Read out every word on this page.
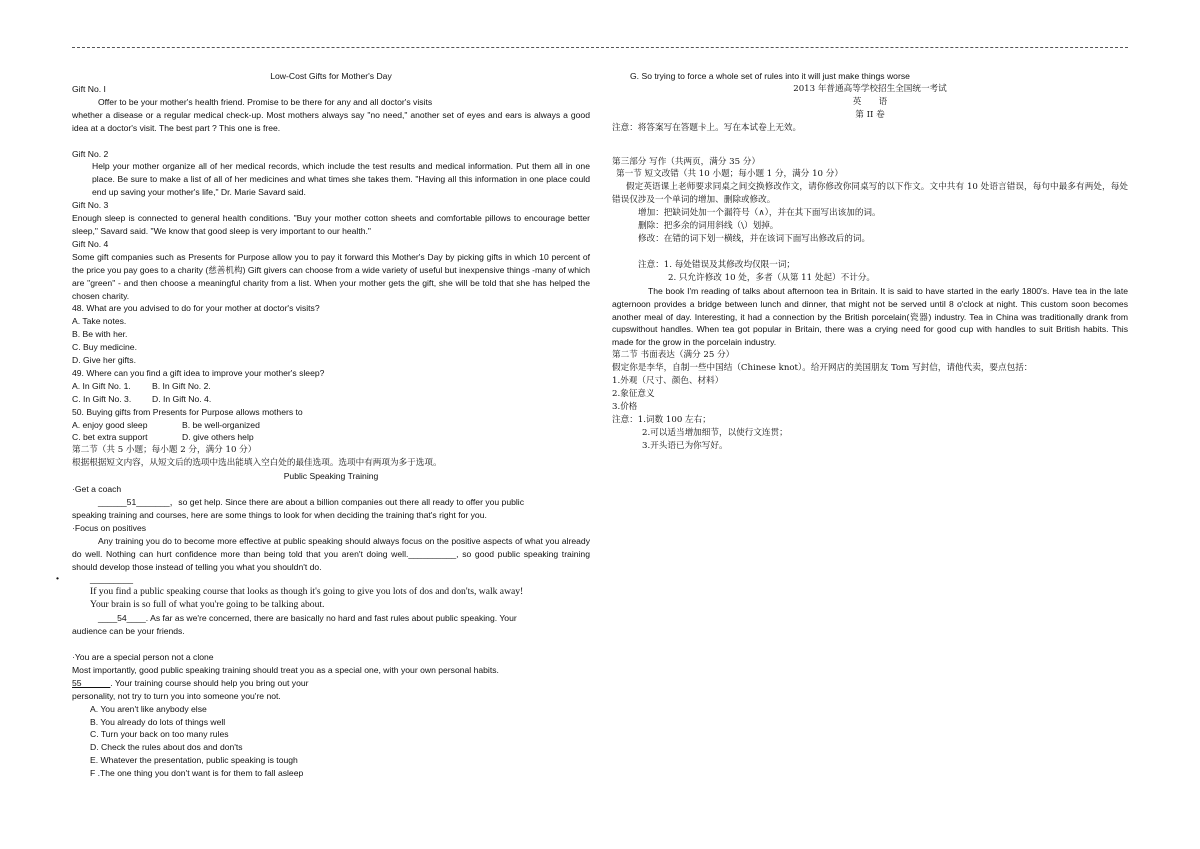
Low-Cost Gifts for Mother's Day

Gift No. I

Offer to be your mother's health friend. Promise to be there for any and all doctor's visits

whether a disease or a regular medical check-up. Most mothers always say "no need," another set of eyes and ears is always a good idea at a doctor's visit. The best part ? This one is free.

Gift No. 2

Help your mother organize all of her medical records, which include the test results and medical information. Put them all in one place. Be sure to make a list of all of her medicines and what times she takes them. "Having all this information in one place could end up saving your mother's life," Dr. Marie Savard said.

Gift No. 3

Enough sleep is connected to general health conditions. "Buy your mother cotton sheets and comfortable pillows to encourage better sleep," Savard said. "We know that good sleep is very important to our health."

Gift No. 4

Some gift companies such as Presents for Purpose allow you to pay it forward this Mother's Day by picking gifts in which 10 percent of the price you pay goes to a charity (慈善机构) Gift givers can choose from a wide variety of useful but inexpensive things -many of which are "green" - and then choose a meaningful charity from a list. When your mother gets the gift, she will be told that she has helped the chosen charity.

48. What are you advised to do for your mother at doctor's visits?

A. Take notes.

B. Be with her.

C. Buy medicine.

D. Give her gifts.

49. Where can you find a gift idea to improve your mother's sleep?

A. In Gift No. 1. B. In Gift No. 2.

C. In Gift No. 3. D. In Gift No. 4.

50. Buying gifts from Presents for Purpose allows mothers to

A. enjoy good sleep	B. be well-organized

C. bet extra support	D. give others help

第二节（共 5 小题；每小题 2 分，满分 10 分）

根据根据短文内容，从短文后的选项中选出能填入空白处的最佳选项。选项中有两项为多于选项。

Public Speaking Training

·Get a coach

______51_______，so get help. Since there are about a billion companies out there all ready to offer you public

speaking training and courses, here are some things to look for when deciding the training that's right for you.

·Focus on positives

Any training you do to become more effective at public speaking should always focus on the positive aspects of what you already do well. Nothing can hurt confidence more than being told that you aren't doing well.__________, so good public speaking training should develop those instead of telling you what you shouldn't do.

• _________

If you find a public speaking course that looks as though it's going to give you lots of dos and don'ts, walk away!

Your brain is so full of what you're going to be talking about.

____54____. As far as we're concerned, there are basically no hard and fast rules about public speaking. Your

audience can be your friends.

·You are a special person not a clone

Most importantly, good public speaking training should treat you as a special one, with your own personal habits.

55______. Your training course should help you bring out your

personality, not try to turn you into someone you're not.

A. You aren't like anybody else

B. You already do lots of things well

C. Turn your back on too many rules

D. Check the rules about dos and don'ts

E. Whatever the presentation, public speaking is tough

F .The one thing you don't want is for them to fall asleep

G. So trying to force a whole set of rules into it will just make things worse

2013 年普通高等学校招生全国统一考试

英　　语

第 II 卷

注意：将答案写在答题卡上。写在本试卷上无效。

第三部分 写作（共两页，满分 35 分）

第一节 短文改错（共 10 小题；每小题 1 分，满分 10 分）

假定英语课上老师要求同桌之间交换修改作文，请你修改你同桌写的以下作文。文中共有 10 处语言错误，每句中最多有两处，每处错误仅涉及一个单词的增加、删除或修改。

增加：把缺词处加一个漏符号（∧），并在其下面写出该加的词。

删除：把多余的词用斜线（\）划掉。

修改：在错的词下划一横线，并在该词下面写出修改后的词。

注意：1. 每处错误及其修改均仅限一词；

2. 只允许修改 10 处，多者（从第 11 处起）不计分。

The book I'm reading of talks about afternoon tea in Britain. It is said to have started in the early 1800's. Have tea in the late agternoon provides a bridge between lunch and dinner, that might not be served until 8 o'clock at night. This custom soon becomes another meal of day. Interesting, it had a connection by the British porcelain(瓷器) industry. Tea in China was traditionally drank from cupswithout handles. When tea got popular in Britain, there was a crying need for good cup with handles to suit British habits. This made for the grow in the porcelain industry.

第二节 书面表达（满分 25 分）

假定你是李华，自制一些中国结（Chinese knot）。给开网店的美国朋友 Tom 写封信，请他代卖，要点包括：

1.外观（尺寸、颜色、材料）

2.象征意义

3.价格

注意：1.词数 100 左右；

2.可以适当增加细节，以使行文连贯；

3.开头语已为你写好。
